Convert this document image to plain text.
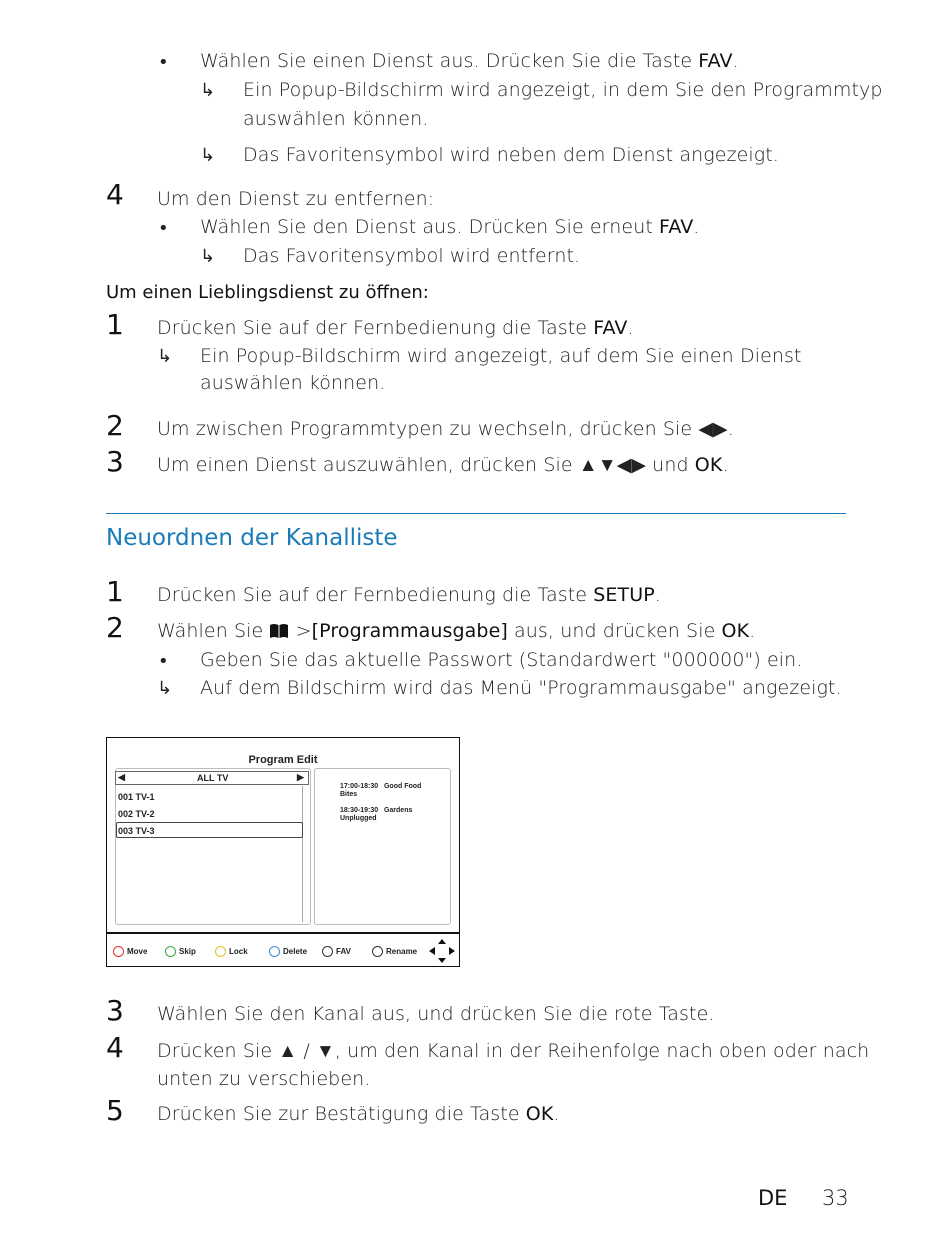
• Wählen Sie einen Dienst aus. Drücken Sie die Taste FAV.
↳ Ein Popup-Bildschirm wird angezeigt, in dem Sie den Programmtyp
auswählen können.
↳ Das Favoritensymbol wird neben dem Dienst angezeigt.
4 Um den Dienst zu entfernen:
• Wählen Sie den Dienst aus. Drücken Sie erneut FAV.
↳ Das Favoritensymbol wird entfernt.
Um einen Lieblingsdienst zu öffnen:
1 Drücken Sie auf der Fernbedienung die Taste FAV.
↳ Ein Popup-Bildschirm wird angezeigt, auf dem Sie einen Dienst
auswählen können.
2 Um zwischen Programmtypen zu wechseln, drücken Sie ◀▶.
3 Um einen Dienst auszuwählen, drücken Sie ▲▼◀▶ und OK.
Neuordnen der Kanalliste
1 Drücken Sie auf der Fernbedienung die Taste SETUP.
2 Wählen Sie  >[Programmausgabe] aus, und drücken Sie OK.
• Geben Sie das aktuelle Passwort (Standardwert "000000") ein.
↳ Auf dem Bildschirm wird das Menü "Programmausgabe" angezeigt.
Program Edit
◀	ALL TV	▶
001 TV-1
002 TV-2
003 TV-3
17:00-18:30   Good Food
Bites
18:30-19:30   Gardens
Unplugged
Move	Skip	Lock	Delete	FAV	Rename
3 Wählen Sie den Kanal aus, und drücken Sie die rote Taste.
4 Drücken Sie ▲ / ▼, um den Kanal in der Reihenfolge nach oben oder nach
unten zu verschieben.
5 Drücken Sie zur Bestätigung die Taste OK.
DE 33
